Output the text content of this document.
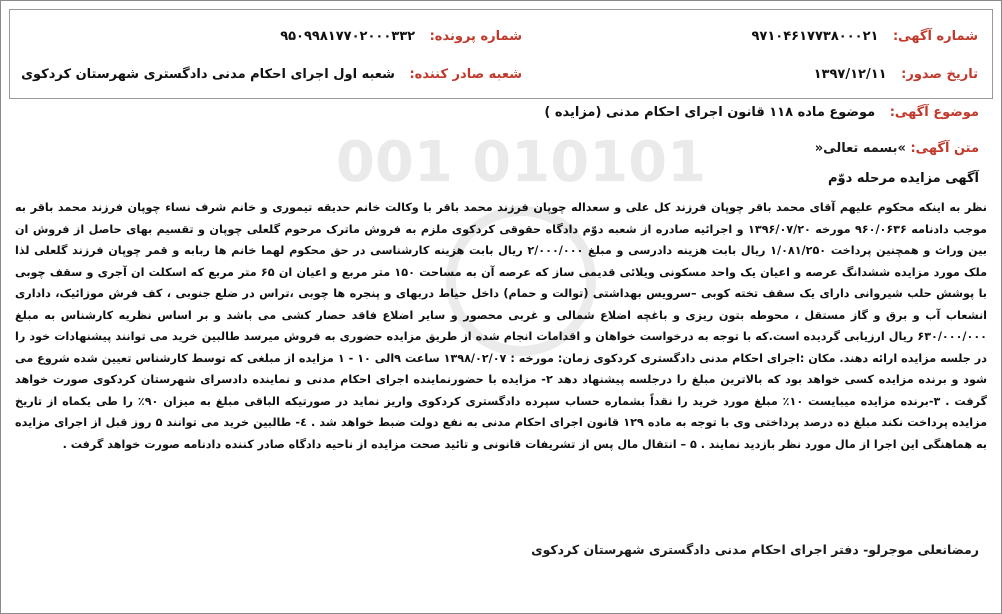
010101 001
شماره آگهی: ۹۷۱۰۴۶۱۷۷۳۸۰۰۰۲۱
شماره پرونده: ۹۵۰۹۹۸۱۷۷۰۲۰۰۰۳۳۲
تاریخ صدور: ۱۳۹۷/۱۲/۱۱
شعبه صادر کننده: شعبه اول اجرای احکام مدنی دادگستری شهرستان کردکوی
موضوع آگهی: موضوع ماده ۱۱۸ قانون اجرای احکام مدنی (مزایده )
متن آگهی: »بسمه تعالی«
آگهی مزایده مرحله دوّم
نظر به اینکه محکوم علیهم آقای محمد باقر چوپان فرزند کل علی و سعداله چوپان فرزند محمد باقر با وکالت خانم حدیقه تیموری و خانم شرف نساء چوپان فرزند محمد باقر به موجب دادنامه ۹۶۰/۰۶۳۶ مورخه ۱۳۹۶/۰۷/۲۰ و اجرائیه صادره از شعبه دوّم دادگاه حقوقی کردکوی ملزم به فروش ماترک مرحوم گلعلی چوپان و تقسیم بهای حاصل از فروش ان بین وراث و همچنین پرداخت ۱/۰۸۱/۲۵۰ ریال بابت هزینه دادرسی و مبلغ ۲/۰۰۰/۰۰۰ ریال بابت هزینه کارشناسی در حق محکوم لهما خانم ها ربابه و قمر چوپان فرزند گلعلی لذا ملک مورد مزایده ششدانگ عرصه و اعیان یک واحد مسکونی ویلائی قدیمی ساز که عرصه آن به مساحت ۱۵۰ متر مربع و اعیان ان ۶۵ متر مربع که اسکلت ان آجری و سقف چوبی با پوشش حلب شیروانی دارای یک سقف تخته کوبی –سرویس بهداشتی (توالت و حمام) داخل حیاط دربهای و پنجره ها چوبی ،تراس در ضلع جنوبی ، کف فرش موزائیک، داداری انشعاب آب و برق و گاز مستقل ، محوطه بتون ریزی و باغچه اضلاع شمالی و غربی محصور و سایر اضلاع فاقد حصار کشی می باشد و بر اساس نظریه کارشناس به مبلغ ۶۳۰/۰۰۰/۰۰۰ ریال ارزیابی گردیده است.که با توجه به درخواست خواهان و اقدامات انجام شده از طریق مزایده حضوری به فروش میرسد طالبین خرید می توانند پیشنهادات خود را در جلسه مزایده ارائه دهند. مکان :اجرای احکام مدنی دادگستری کردکوی زمان: مورخه : ۱۳۹۸/۰۲/۰۷ ساعت ۹الی ۱۰ - ۱ مزایده از مبلغی که توسط کارشناس تعیین شده شروع می شود و برنده مزایده کسی خواهد بود که بالاترین مبلغ را درجلسه پیشنهاد دهد ۲- مزایده با حضورنماینده اجرای احکام مدنی و نماینده دادسرای شهرستان کردکوی صورت خواهد گرفت . ۳-برنده مزایده میبایست ۱۰٪ مبلغ مورد خرید را نقداً بشماره حساب سپرده دادگستری کردکوی واریز نماید در صورتیکه الباقی مبلغ به میزان ۹۰٪ را طی یکماه از تاریخ مزایده پرداخت نکند مبلغ ده درصد پرداختی وی با توجه به ماده ۱۲۹ قانون اجرای احکام مدنی به نفع دولت ضبط خواهد شد . ٤- طالبین خرید می توانند ۵ روز قبل از اجرای مزایده به هماهنگی این اجرا از مال مورد نظر بازدید نمایند . ۵ – انتقال مال پس از تشریفات قانونی و تائید صحت مزایده از ناحیه دادگاه صادر کننده دادنامه صورت خواهد گرفت .
رمضانعلی موجرلو- دفتر اجرای احکام مدنی دادگستری شهرستان کردکوی
